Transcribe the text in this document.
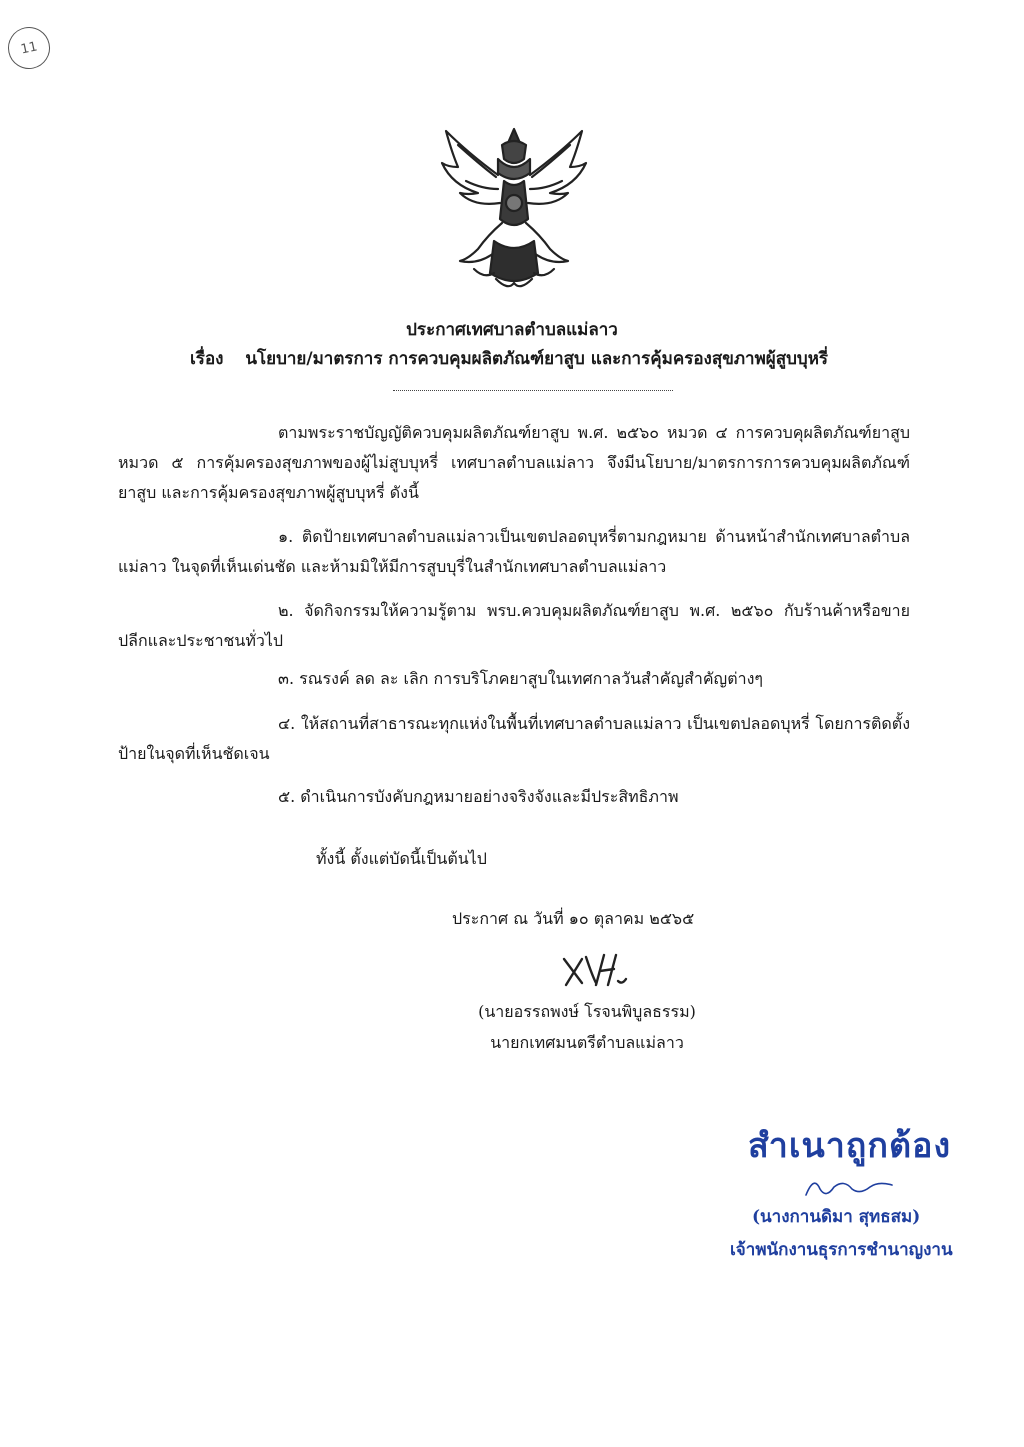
11
ประกาศเทศบาลตำบลแม่ลาว
เรื่อง นโยบาย/มาตรการ การควบคุมผลิตภัณฑ์ยาสูบ และการคุ้มครองสุขภาพผู้สูบบุหรี่
ตามพระราชบัญญัติควบคุมผลิตภัณฑ์ยาสูบ พ.ศ. ๒๕๖๐ หมวด ๔ การควบคุผลิตภัณฑ์ยาสูบหมวด ๕ การคุ้มครองสุขภาพของผู้ไม่สูบบุหรี่ เทศบาลตำบลแม่ลาว จึงมีนโยบาย/มาตรการการควบคุมผลิตภัณฑ์ยาสูบ และการคุ้มครองสุขภาพผู้สูบบุหรี่ ดังนี้
๑. ติดป้ายเทศบาลตำบลแม่ลาวเป็นเขตปลอดบุหรี่ตามกฎหมาย ด้านหน้าสำนักเทศบาลตำบลแม่ลาว ในจุดที่เห็นเด่นชัด และห้ามมิให้มีการสูบบุรี่ในสำนักเทศบาลตำบลแม่ลาว
๒. จัดกิจกรรมให้ความรู้ตาม พรบ.ควบคุมผลิตภัณฑ์ยาสูบ พ.ศ. ๒๕๖๐ กับร้านค้าหรือขายปลีกและประชาชนทั่วไป
๓. รณรงค์ ลด ละ เลิก การบริโภคยาสูบในเทศกาลวันสำคัญสำคัญต่างๆ
๔. ให้สถานที่สาธารณะทุกแห่งในพื้นที่เทศบาลตำบลแม่ลาว เป็นเขตปลอดบุหรี่ โดยการติดตั้งป้ายในจุดที่เห็นชัดเจน
๕. ดำเนินการบังคับกฎหมายอย่างจริงจังและมีประสิทธิภาพ
ทั้งนี้ ตั้งแต่บัดนี้เป็นต้นไป
ประกาศ ณ วันที่ ๑๐ ตุลาคม ๒๕๖๕
(นายอรรถพงษ์ โรจนพิบูลธรรม)
นายกเทศมนตรีตำบลแม่ลาว
สำเนาถูกต้อง
(นางกานดิมา สุทธสม)
เจ้าพนักงานธุรการชำนาญงาน
